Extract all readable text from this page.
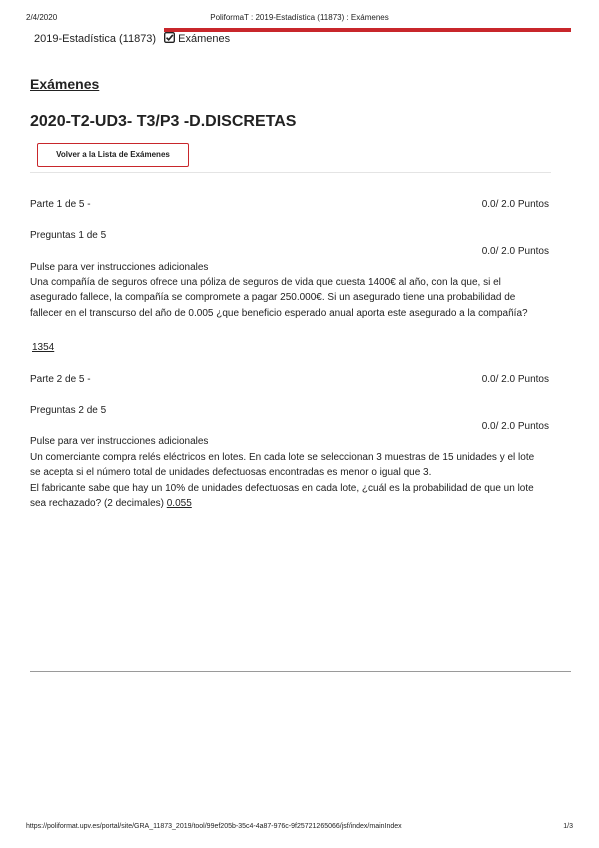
2/4/2020	PoliformaT : 2019-Estadística (11873) : Exámenes
2019-Estadística (11873)	Exámenes
Exámenes
2020-T2-UD3- T3/P3 -D.DISCRETAS
Volver a la Lista de Exámenes
Parte 1 de 5 -	0.0/ 2.0 Puntos
Preguntas 1 de 5
0.0/ 2.0 Puntos
Pulse para ver instrucciones adicionales
Una compañía de seguros ofrece una póliza de seguros de vida que cuesta 1400€ al año, con la que, si el
asegurado fallece, la compañía se compromete a pagar 250.000€. Si un asegurado tiene una probabilidad de
fallecer en el transcurso del año de 0.005 ¿que beneficio esperado anual aporta este asegurado a la compañía?
1354
Parte 2 de 5 -	0.0/ 2.0 Puntos
Preguntas 2 de 5
0.0/ 2.0 Puntos
Pulse para ver instrucciones adicionales
Un comerciante compra relés eléctricos en lotes. En cada lote se seleccionan 3 muestras de 15 unidades y el lote
se acepta si el número total de unidades defectuosas encontradas es menor o igual que 3.
El fabricante sabe que hay un 10% de unidades defectuosas en cada lote, ¿cuál es la probabilidad de que un lote
sea rechazado? (2 decimales) 0.055
https://poliformat.upv.es/portal/site/GRA_11873_2019/tool/99ef205b-35c4-4a87-976c-9f25721265066/jsf/index/mainIndex	1/3
